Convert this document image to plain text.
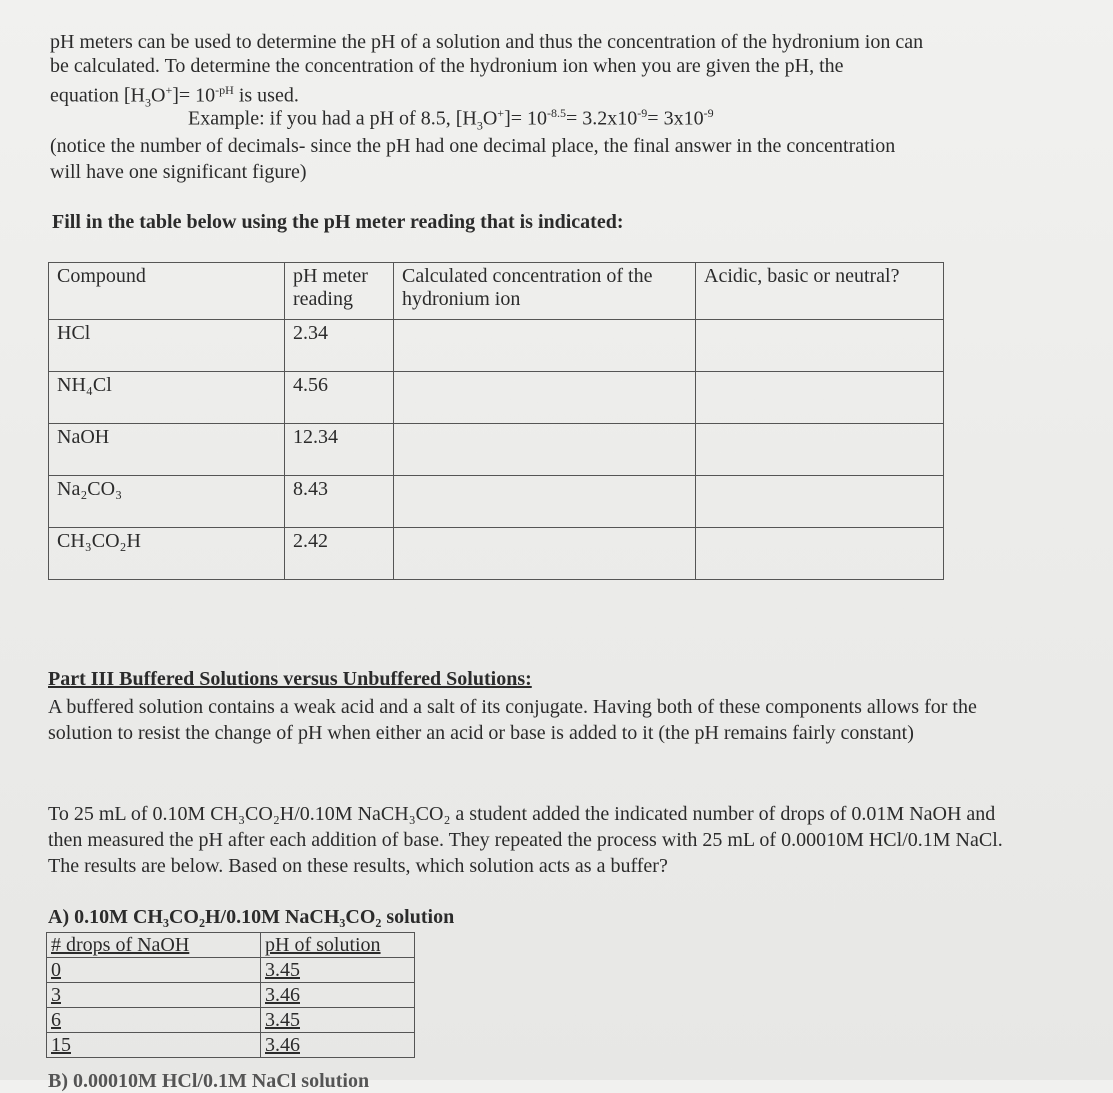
pH meters can be used to determine the pH of a solution and thus the concentration of the hydronium ion can
be calculated. To determine the concentration of the hydronium ion when you are given the pH, the
equation $[H_3O^+]= 10^{-pH}$ is used.
Example: if you had a pH of 8.5, $[H_3O^+]= 10^{-8.5}= 3.2x10^{-9}= 3x10^{-9}$
(notice the number of decimals- since the pH had one decimal place, the final answer in the concentration
will have one significant figure)
Fill in the table below using the pH meter reading that is indicated:
Compound	pH meter reading	Calculated concentration of the hydronium ion	Acidic, basic or neutral?
HCl	2.34		
NH₄Cl	4.56		
NaOH	12.34		
Na₂CO₃	8.43		
CH₃CO₂H	2.42		
Part III Buffered Solutions versus Unbuffered Solutions:
A buffered solution contains a weak acid and a salt of its conjugate. Having both of these components allows for the solution to resist the change of pH when either an acid or base is added to it (the pH remains fairly constant)
To 25 mL of 0.10M CH₃CO₂H/0.10M NaCH₃CO₂ a student added the indicated number of drops of 0.01M NaOH and then measured the pH after each addition of base. They repeated the process with 25 mL of 0.00010M HCl/0.1M NaCl. The results are below. Based on these results, which solution acts as a buffer?
A) 0.10M CH₃CO₂H/0.10M NaCH₃CO₂ solution
# drops of NaOH	pH of solution
0	3.45
3	3.46
6	3.45
15	3.46
B) 0.00010M HCl/0.1M NaCl solution
